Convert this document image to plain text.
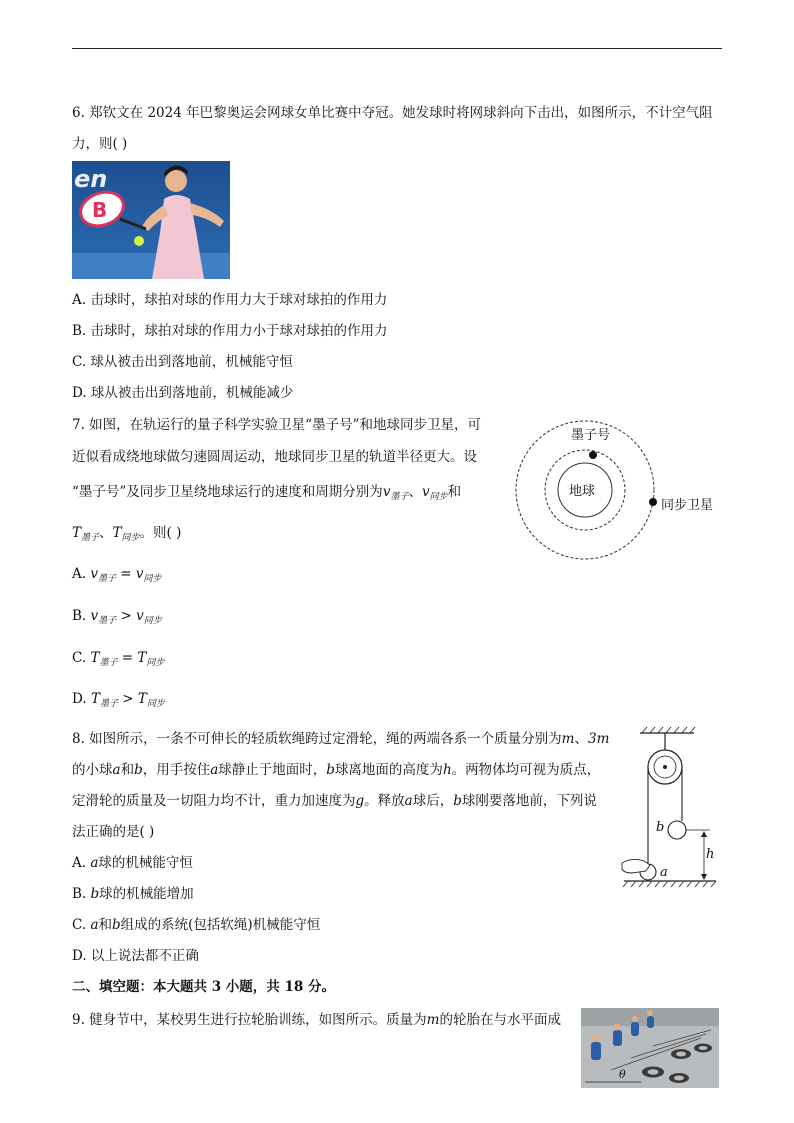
6. 郑钦文在 2024 年巴黎奥运会网球女单比赛中夺冠。她发球时将网球斜向下击出，如图所示，不计空气阻
力，则( )
B
en
A. 击球时，球拍对球的作用力大于球对球拍的作用力
B. 击球时，球拍对球的作用力小于球对球拍的作用力
C. 球从被击出到落地前，机械能守恒
D. 球从被击出到落地前，机械能减少
7. 如图，在轨运行的量子科学实验卫星“墨子号”和地球同步卫星，可
近似看成绕地球做匀速圆周运动，地球同步卫星的轨道半径更大。设
“墨子号”及同步卫星绕地球运行的速度和周期分别为$v_{墨子}$、$v_{同步}$和
$T_{墨子}$、$T_{同步}$。则( )
A. $v_{墨子} = v_{同步}$
B. $v_{墨子} > v_{同步}$
C. $T_{墨子} = T_{同步}$
D. $T_{墨子} > T_{同步}$
墨子号
地球
同步卫星
8. 如图所示，一条不可伸长的轻质软绳跨过定滑轮，绳的两端各系一个质量分别为m、3m
的小球a和b，用手按住a球静止于地面时，b球离地面的高度为h。两物体均可视为质点，
定滑轮的质量及一切阻力均不计，重力加速度为g。释放a球后，b球刚要落地前，下列说
法正确的是( )
A. a球的机械能守恒
B. b球的机械能增加
C. a和b组成的系统(包括软绳)机械能守恒
D. 以上说法都不正确
b
a
h
二、填空题：本大题共 3 小题，共 18 分。
9. 健身节中，某校男生进行拉轮胎训练，如图所示。质量为m的轮胎在与水平面成
θ
